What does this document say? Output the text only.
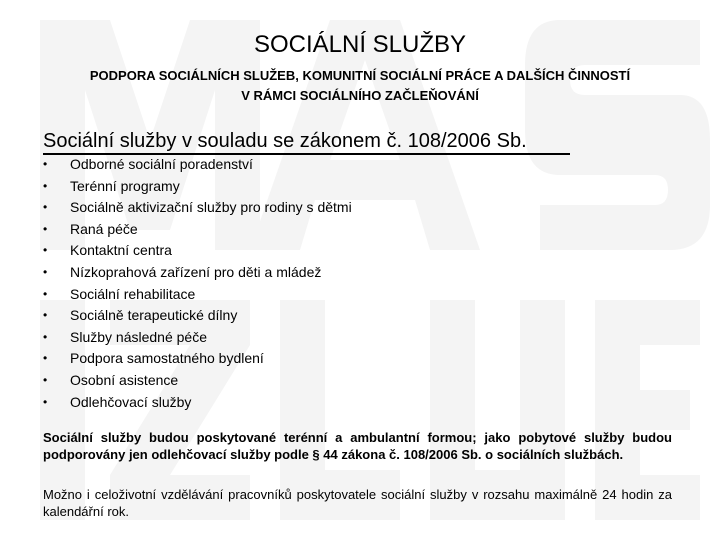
SOCIÁLNÍ SLUŽBY
PODPORA SOCIÁLNÍCH SLUŽEB, KOMUNITNÍ SOCIÁLNÍ PRÁCE A DALŠÍCH ČINNOSTÍ
V RÁMCI SOCIÁLNÍHO ZAČLEŇOVÁNÍ
Sociální služby v souladu se zákonem č. 108/2006 Sb.
• Odborné sociální poradenství
• Terénní programy
• Sociálně aktivizační služby pro rodiny s dětmi
• Raná péče
• Kontaktní centra
• Nízkoprahová zařízení pro děti a mládež
• Sociální rehabilitace
• Sociálně terapeutické dílny
• Služby následné péče
• Podpora samostatného bydlení
• Osobní asistence
• Odlehčovací služby

Sociální služby budou poskytované terénní a ambulantní formou; jako pobytové služby budou podporovány jen odlehčovací služby podle § 44 zákona č. 108/2006 Sb. o sociálních službách.

Možno i celoživotní vzdělávání pracovníků poskytovatele sociální služby v rozsahu maximálně 24 hodin za kalendářní rok.
